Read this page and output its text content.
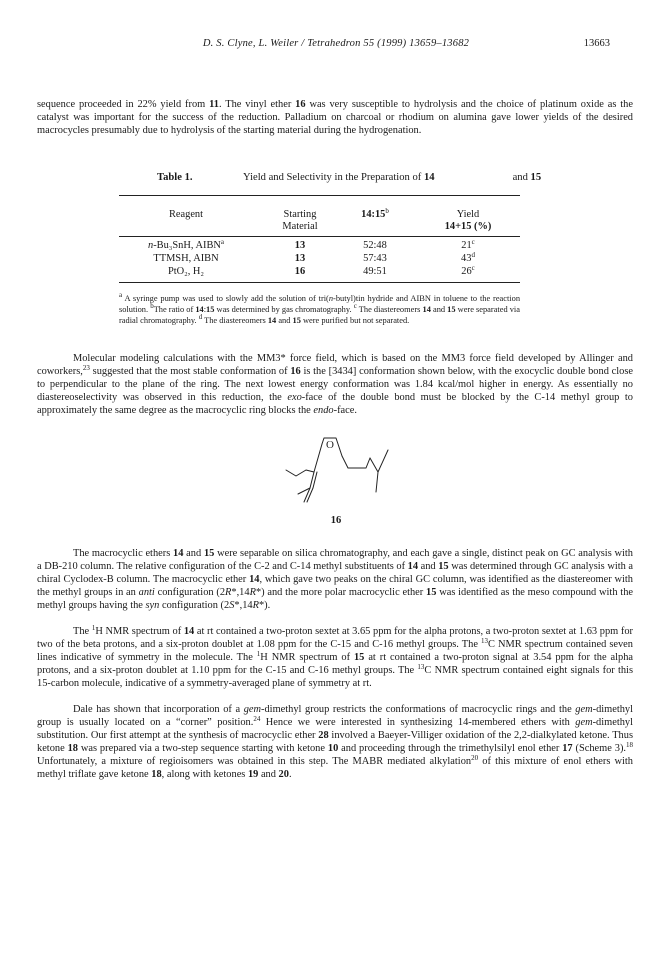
D. S. Clyne, L. Weiler / Tetrahedron 55 (1999) 13659–13682	13663

sequence proceeded in 22% yield from 11. The vinyl ether 16 was very susceptible to hydrolysis and the choice of platinum oxide as the catalyst was important for the success of the reduction. Palladium on charcoal or rhodium on alumina gave lower yields of the desired macrocycles presumably due to hydrolysis of the starting material during the hydrogenation.

Table 1.	Yield and Selectivity in the Preparation of 14	and 15
Reagent	Starting
Material
14:15$^b$	Yield
14+15 (%)
n-Bu₃SnH, AIBN$^a$	13	52:48	21$^c$
TTMSH, AIBN	13	57:43	43$^d$
PtO₂, H₂	16	49:51	26$^c$

$^a$ A syringe pump was used to slowly add the solution of tri(n-butyl)tin hydride and AIBN in toluene to the reaction solution. $^b$The ratio of 14:15 was determined by gas chromatography. $^c$ The diastereomers 14 and 15 were separated via radial chromatography. $^d$ The diastereomers 14 and 15 were purified but not separated.

Molecular modeling calculations with the MM3* force field, which is based on the MM3 force field developed by Allinger and coworkers,$^{23}$ suggested that the most stable conformation of 16 is the [3434] conformation shown below, with the exocyclic double bond close to perpendicular to the plane of the ring. The next lowest energy conformation was 1.84 kcal/mol higher in energy. As essentially no diastereoselectivity was observed in this reduction, the exo-face of the double bond must be blocked by the C-14 methyl group to approximately the same degree as the macrocyclic ring blocks the endo-face.

O
16

The macrocyclic ethers 14 and 15 were separable on silica chromatography, and each gave a single, distinct peak on GC analysis with a DB-210 column. The relative configuration of the C-2 and C-14 methyl substituents of 14 and 15 was determined through GC analysis with a chiral Cyclodex-B column. The macrocyclic ether 14, which gave two peaks on the chiral GC column, was identified as the diastereomer with the methyl groups in an anti configuration (2R*,14R*) and the more polar macrocyclic ether 15 was identified as the meso compound with the methyl groups having the syn configuration (2S*,14R*).

The $^1$H NMR spectrum of 14 at rt contained a two-proton sextet at 3.65 ppm for the alpha protons, a two-proton sextet at 1.63 ppm for two of the beta protons, and a six-proton doublet at 1.08 ppm for the C-15 and C-16 methyl groups. The $^{13}$C NMR spectrum contained seven lines indicative of symmetry in the molecule. The $^1$H NMR spectrum of 15 at rt contained a two-proton signal at 3.54 ppm for the alpha protons, and a six-proton doublet at 1.10 ppm for the C-15 and C-16 methyl groups. The $^{13}$C NMR spectrum contained eight signals for this 15-carbon molecule, indicative of a symmetry-averaged plane of symmetry at rt.

Dale has shown that incorporation of a gem-dimethyl group restricts the conformations of macrocyclic rings and the gem-dimethyl group is usually located on a “corner” position.$^{24}$ Hence we were interested in synthesizing 14-membered ethers with gem-dimethyl substitution. Our first attempt at the synthesis of macrocyclic ether 28 involved a Baeyer-Villiger oxidation of the 2,2-dialkylated ketone. Thus ketone 18 was prepared via a two-step sequence starting with ketone 10 and proceeding through the trimethylsilyl enol ether 17 (Scheme 3).$^{18}$ Unfortunately, a mixture of regioisomers was obtained in this step. The MABR mediated alkylation$^{20}$ of this mixture of enol ethers with methyl triflate gave ketone 18, along with ketones 19 and 20.
